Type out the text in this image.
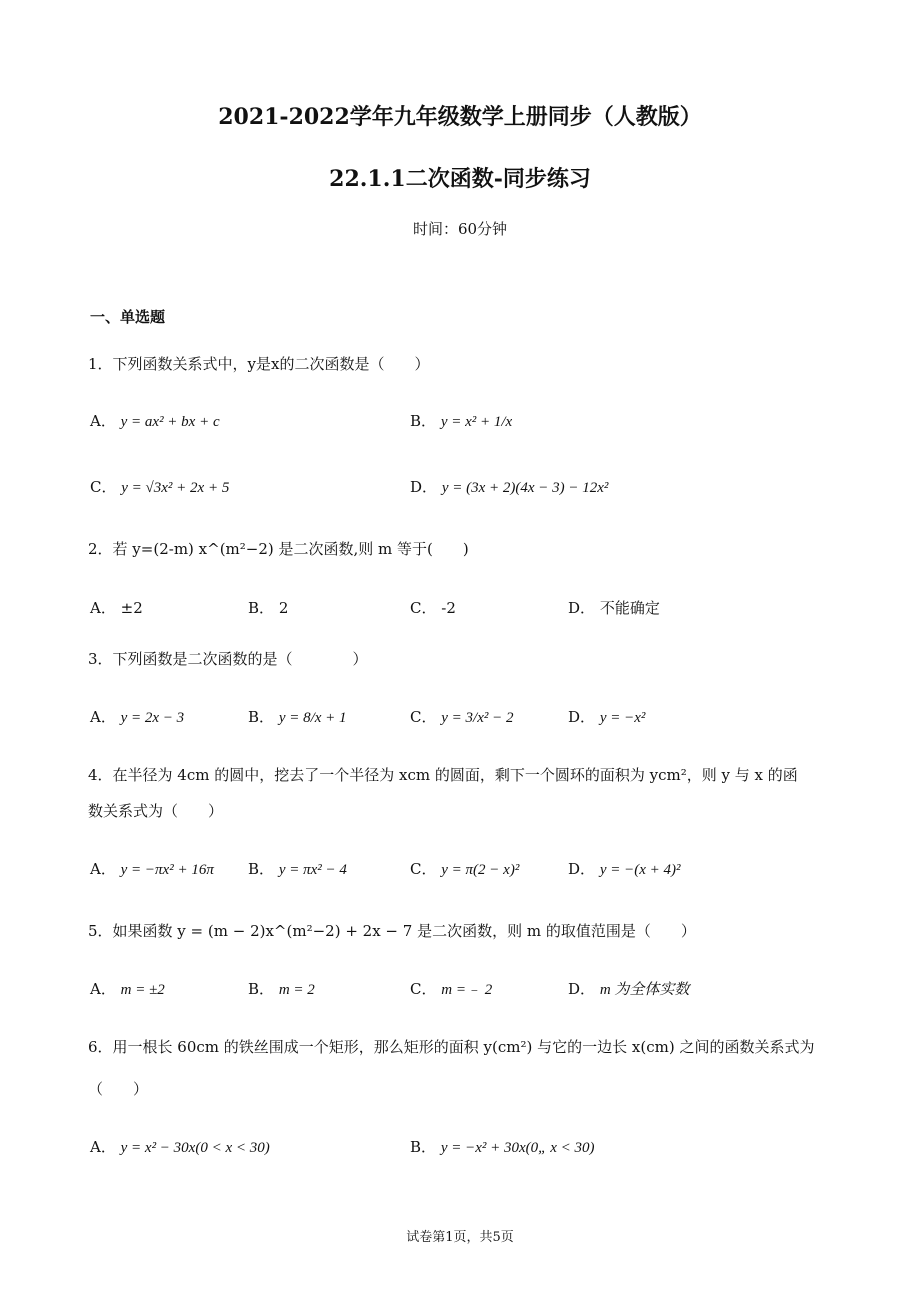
2021-2022学年九年级数学上册同步（人教版）
22.1.1二次函数-同步练习
时间：60分钟
一、单选题
1．下列函数关系式中，y是x的二次函数是（　　）
A． y = ax² + bx + c	B． y = x² + 1/x
C． y = √3x² + 2x + 5	D． y = (3x + 2)(4x − 3) − 12x²
2．若 y=(2-m) x^(m²−2) 是二次函数,则 m 等于(　　)
A． ±2	B． 2	C． -2	D． 不能确定
3．下列函数是二次函数的是（　　　　）
A． y = 2x − 3	B． y = 8/x + 1	C． y = 3/x² − 2	D． y = −x²
4．在半径为 4cm 的圆中，挖去了一个半径为 xcm 的圆面，剩下一个圆环的面积为 ycm²，则 y 与 x 的函
数关系式为（　　）
A． y = −πx² + 16π B． y = πx² − 4	C． y = π(2 − x)²	D． y = −(x + 4)²
5．如果函数 y = (m − 2)x^(m²−2) + 2x − 7 是二次函数，则 m 的取值范围是（　　）
A． m = ±2	B． m = 2	C． m =﹣ 2	D． m 为全体实数
6．用一根长 60cm 的铁丝围成一个矩形，那么矩形的面积 y(cm²) 与它的一边长 x(cm) 之间的函数关系式为
（　　）
A． y = x² − 30x(0 < x < 30)	B． y = −x² + 30x(0„ x < 30)
试卷第1页，共5页
